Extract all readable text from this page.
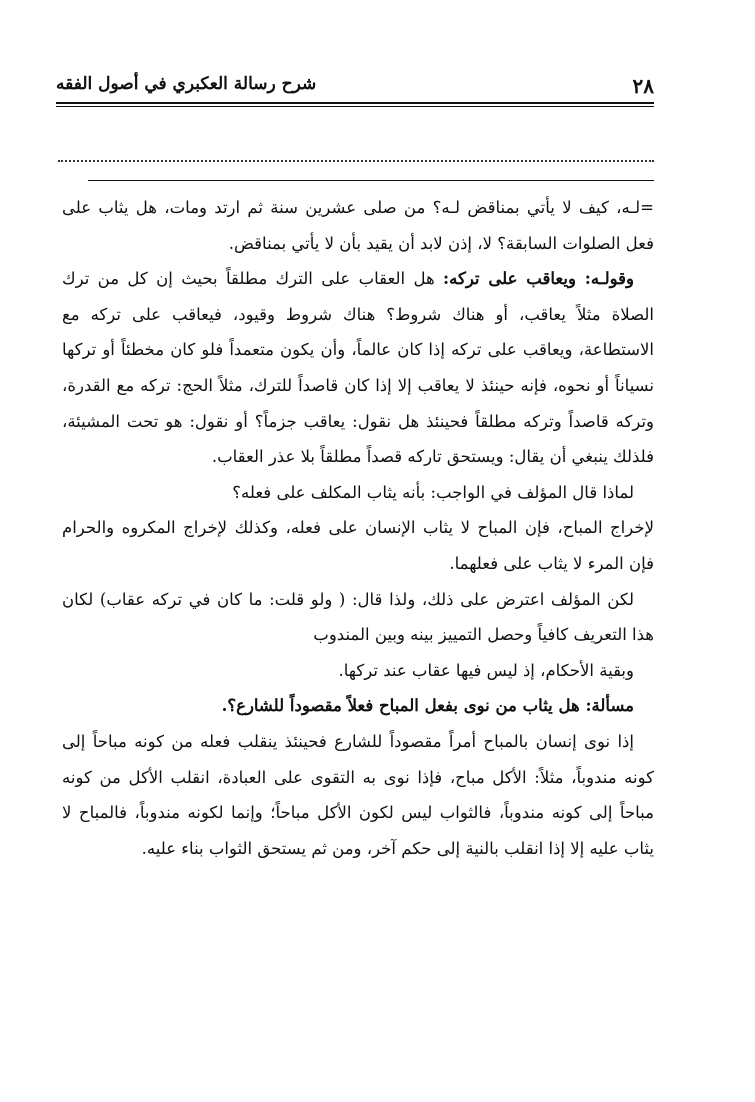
٢٨
شرح رسالة العكبري في أصول الفقه

=لـه، كيف لا يأتي بمناقض لـه؟ من صلى عشرين سنة ثم ارتد ومات، هل يثاب على فعل الصلوات السابقة؟ لا، إذن لابد أن يقيد بأن لا يأتي بمناقض.

وقولـه: ويعاقب على تركه: هل العقاب على الترك مطلقاً بحيث إن كل من ترك الصلاة مثلاً يعاقب، أو هناك شروط؟ هناك شروط وقيود، فيعاقب على تركه مع الاستطاعة، ويعاقب على تركه إذا كان عالماً، وأن يكون متعمداً فلو كان مخطئاً أو تركها نسياناً أو نحوه، فإنه حينئذ لا يعاقب إلا إذا كان قاصداً للترك، مثلاً الحج: تركه مع القدرة، وتركه قاصداً وتركه مطلقاً فحينئذ هل نقول: يعاقب جزماً؟ أو نقول: هو تحت المشيئة، فلذلك ينبغي أن يقال: ويستحق تاركه قصداً مطلقاً بلا عذر العقاب.

لماذا قال المؤلف في الواجب: بأنه يثاب المكلف على فعله؟

لإخراج المباح، فإن المباح لا يثاب الإنسان على فعله، وكذلك لإخراج المكروه والحرام فإن المرء لا يثاب على فعلهما.

لكن المؤلف اعترض على ذلك، ولذا قال: ( ولو قلت: ما كان في تركه عقاب) لكان هذا التعريف كافياً وحصل التمييز بينه وبين المندوب

وبقية الأحكام، إذ ليس فيها عقاب عند تركها.

مسألة: هل يثاب من نوى بفعل المباح فعلاً مقصوداً للشارع؟.

إذا نوى إنسان بالمباح أمراً مقصوداً للشارع فحينئذ ينقلب فعله من كونه مباحاً إلى كونه مندوباً، مثلاً: الأكل مباح، فإذا نوى به التقوى على العبادة، انقلب الأكل من كونه مباحاً إلى كونه مندوباً، فالثواب ليس لكون الأكل مباحاً؛ وإنما لكونه مندوباً، فالمباح لا يثاب عليه إلا إذا انقلب بالنية إلى حكم آخر، ومن ثم يستحق الثواب بناء عليه.
